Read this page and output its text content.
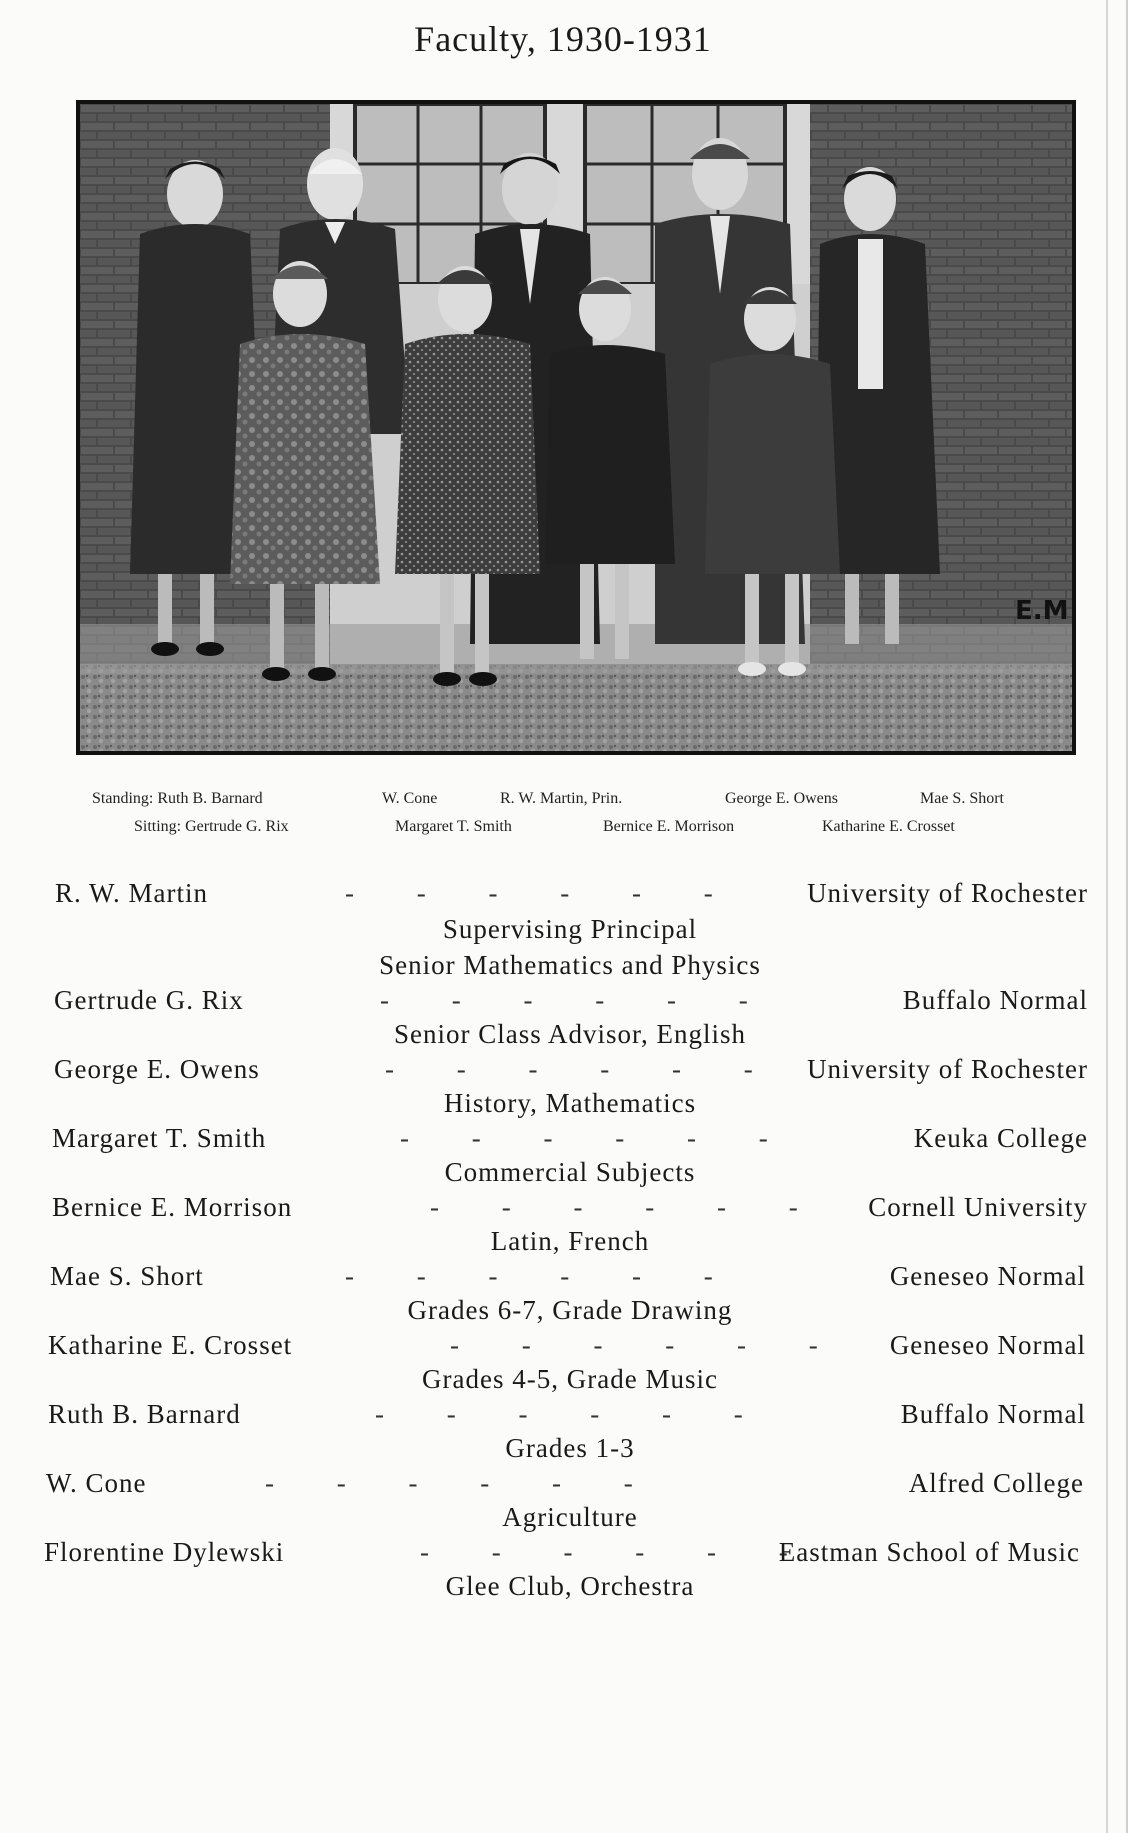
Faculty, 1930-1931
E.M
Standing: Ruth B. Barnard	W. Cone	R. W. Martin, Prin.	George E. Owens	Mae S. Short
Sitting: Gertrude G. Rix	Margaret T. Smith	Bernice E. Morrison	Katharine E. Crosset
R. W. Martin	- - - - - - University of Rochester
Supervising Principal
Senior Mathematics and Physics
Gertrude G. Rix	- - - - - -	Buffalo Normal
Senior Class Advisor, English
George E. Owens	- - - - - - University of Rochester
History, Mathematics
Margaret T. Smith	- - - - - -	Keuka College
Commercial Subjects
Bernice E. Morrison	- - - - - - Cornell University
Latin, French
Mae S. Short	- - - - - -	Geneseo Normal
Grades 6-7, Grade Drawing
Katharine E. Crosset	- - - - - - Geneseo Normal
Grades 4-5, Grade Music
Ruth B. Barnard	- - - - - -	Buffalo Normal
Grades 1-3
W. Cone	- - - - - -	Alfred College
Agriculture
Florentine Dylewski	- - - - - -
Eastman School of Music
Glee Club, Orchestra
